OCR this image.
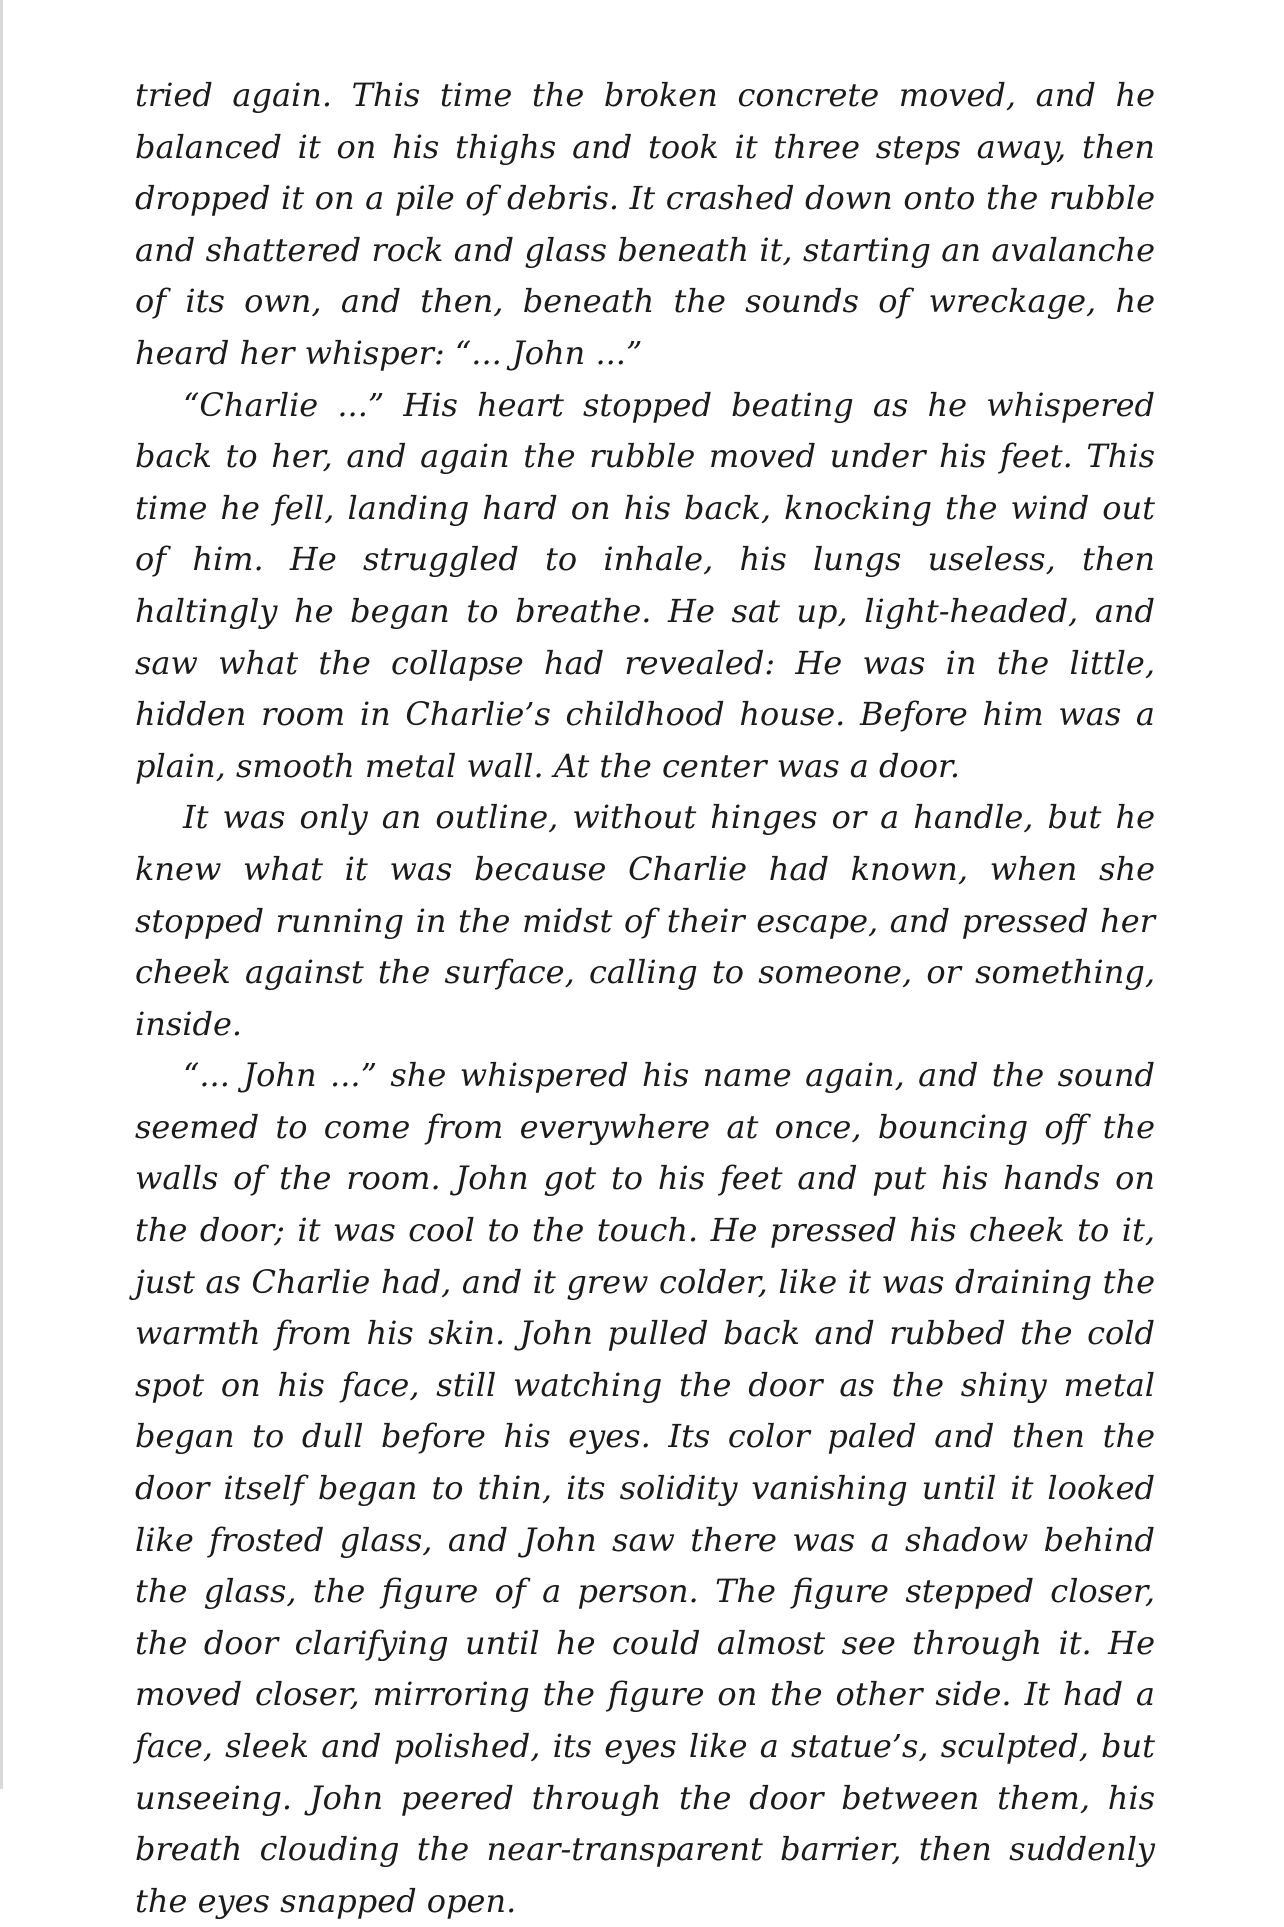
tried again. This time the broken concrete moved, and he balanced it on his thighs and took it three steps away, then dropped it on a pile of debris. It crashed down onto the rubble and shattered rock and glass beneath it, starting an avalanche of its own, and then, beneath the sounds of wreckage, he heard her whisper: “... John ...”

“Charlie ...” His heart stopped beating as he whispered back to her, and again the rubble moved under his feet. This time he fell, landing hard on his back, knocking the wind out of him. He struggled to inhale, his lungs useless, then haltingly he began to breathe. He sat up, light-headed, and saw what the collapse had revealed: He was in the little, hidden room in Charlie’s childhood house. Before him was a plain, smooth metal wall. At the center was a door.

It was only an outline, without hinges or a handle, but he knew what it was because Charlie had known, when she stopped running in the midst of their escape, and pressed her cheek against the surface, calling to someone, or something, inside.

“... John ...” she whispered his name again, and the sound seemed to come from everywhere at once, bouncing off the walls of the room. John got to his feet and put his hands on the door; it was cool to the touch. He pressed his cheek to it, just as Charlie had, and it grew colder, like it was draining the warmth from his skin. John pulled back and rubbed the cold spot on his face, still watching the door as the shiny metal began to dull before his eyes. Its color paled and then the door itself began to thin, its solidity vanishing until it looked like frosted glass, and John saw there was a shadow behind the glass, the figure of a person. The figure stepped closer, the door clarifying until he could almost see through it. He moved closer, mirroring the figure on the other side. It had a face, sleek and polished, its eyes like a statue’s, sculpted, but unseeing. John peered through the door between them, his breath clouding the near-transparent barrier, then suddenly the eyes snapped open.
